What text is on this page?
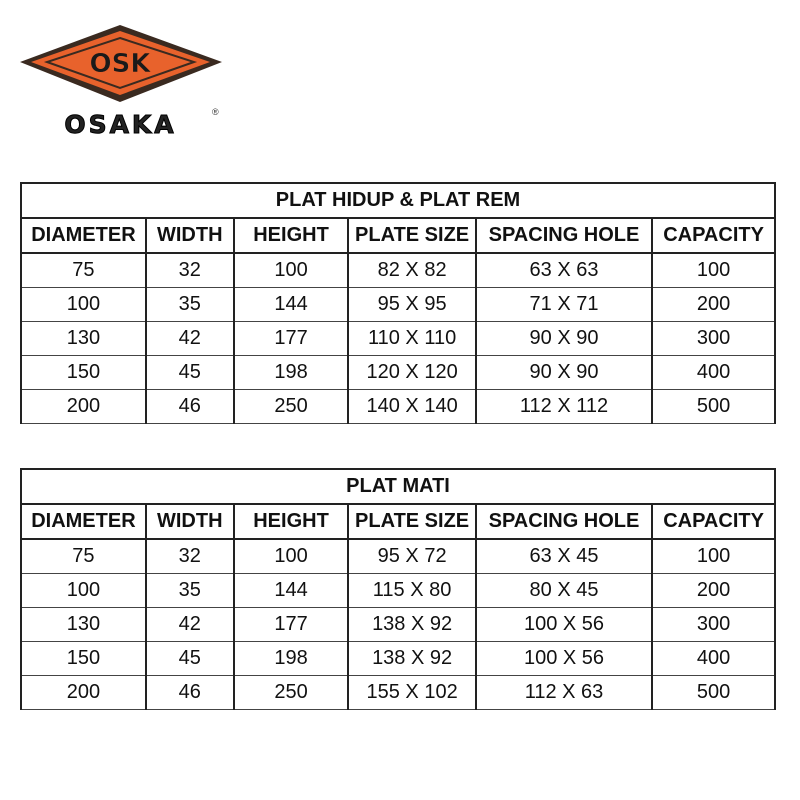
OSK
OSAKA	®
PLAT HIDUP & PLAT REM					
DIAMETER	WIDTH	HEIGHT	PLATE SIZE	SPACING HOLE	CAPACITY
75	32	100	82 X 82	63 X 63	100
100	35	144	95 X 95	71 X 71	200
130	42	177	110 X 110	90 X 90	300
150	45	198	120 X 120	90 X 90	400
200	46	250	140 X 140	112 X 112	500
PLAT MATI					
DIAMETER	WIDTH	HEIGHT	PLATE SIZE	SPACING HOLE	CAPACITY
75	32	100	95 X 72	63 X 45	100
100	35	144	115 X 80	80 X 45	200
130	42	177	138 X 92	100 X 56	300
150	45	198	138 X 92	100 X 56	400
200	46	250	155 X 102	112 X 63	500
